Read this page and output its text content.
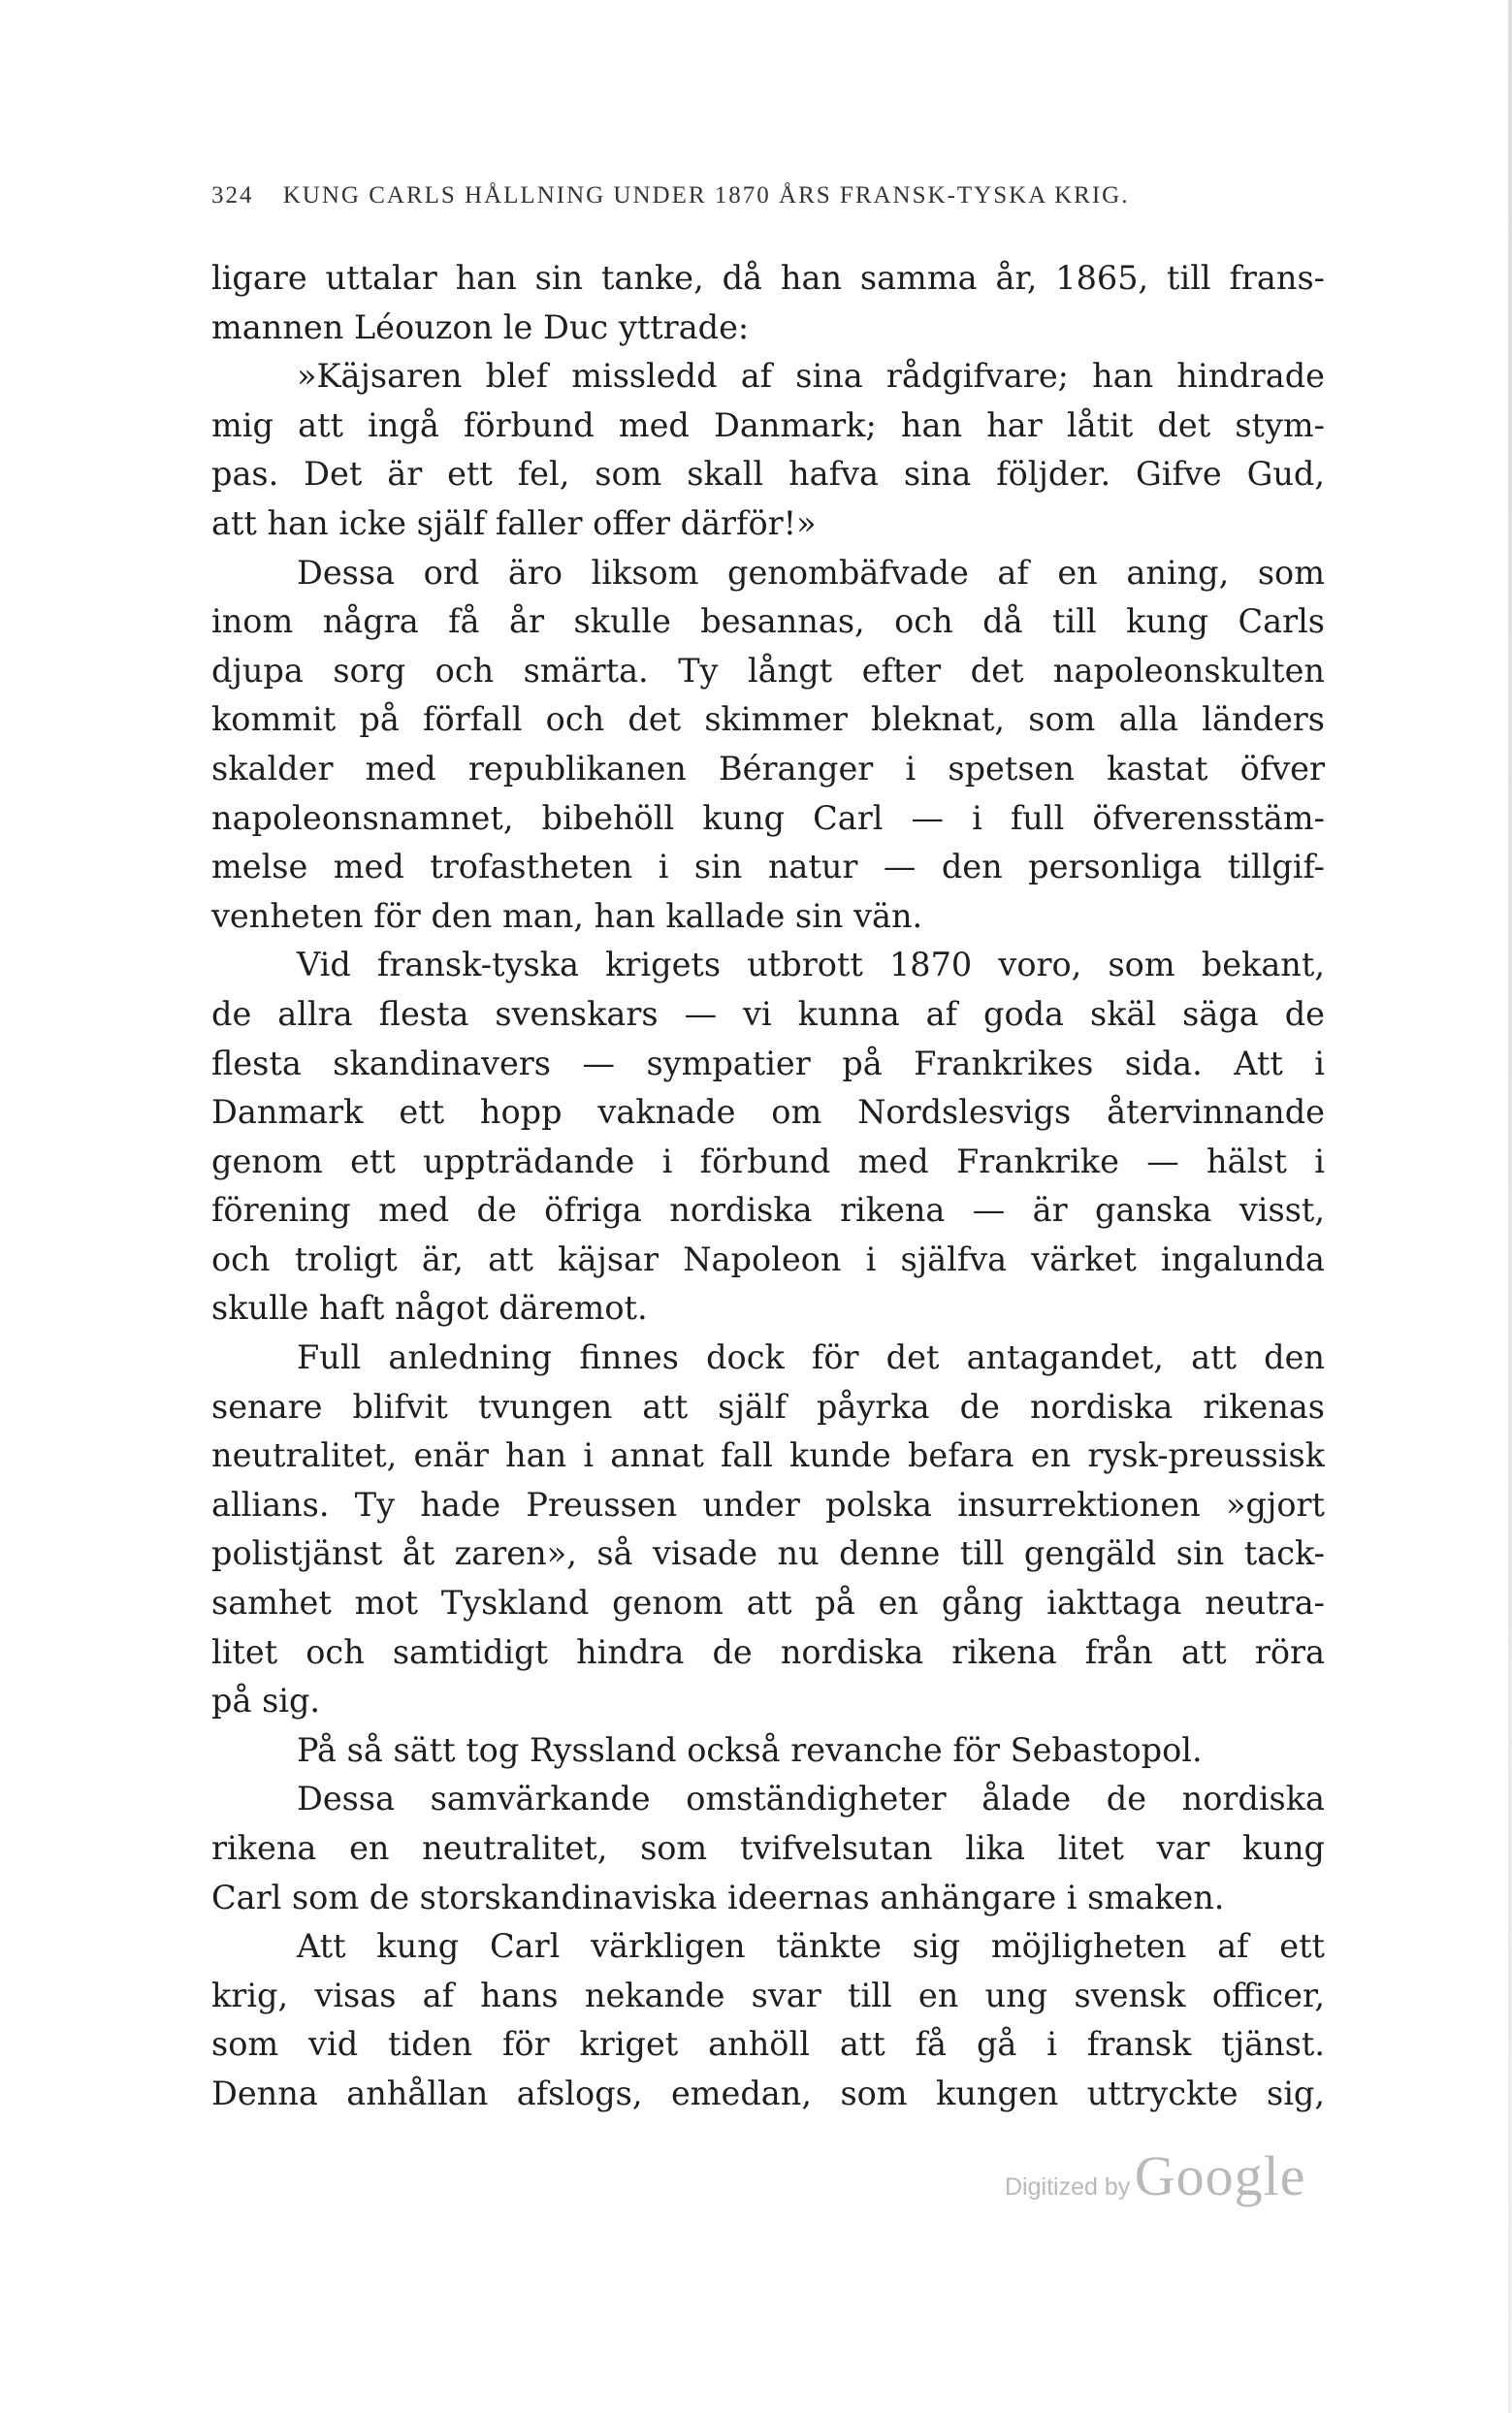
324 KUNG CARLS HÅLLNING UNDER 1870 ÅRS FRANSK-TYSKA KRIG.
ligare uttalar han sin tanke, då han samma år, 1865, till frans-
mannen Léouzon le Duc yttrade:
»Käjsaren blef missledd af sina rådgifvare; han hindrade
mig att ingå förbund med Danmark; han har låtit det stym-
pas. Det är ett fel, som skall hafva sina följder. Gifve Gud,
att han icke själf faller offer därför!»
Dessa ord äro liksom genombäfvade af en aning, som
inom några få år skulle besannas, och då till kung Carls
djupa sorg och smärta. Ty långt efter det napoleonskulten
kommit på förfall och det skimmer bleknat, som alla länders
skalder med republikanen Béranger i spetsen kastat öfver
napoleonsnamnet, bibehöll kung Carl — i full öfverensstäm-
melse med trofastheten i sin natur — den personliga tillgif-
venheten för den man, han kallade sin vän.
Vid fransk-tyska krigets utbrott 1870 voro, som bekant,
de allra flesta svenskars — vi kunna af goda skäl säga de
flesta skandinavers — sympatier på Frankrikes sida. Att i
Danmark ett hopp vaknade om Nordslesvigs återvinnande
genom ett uppträdande i förbund med Frankrike — hälst i
förening med de öfriga nordiska rikena — är ganska visst,
och troligt är, att käjsar Napoleon i själfva värket ingalunda
skulle haft något däremot.
Full anledning finnes dock för det antagandet, att den
senare blifvit tvungen att själf påyrka de nordiska rikenas
neutralitet, enär han i annat fall kunde befara en rysk-preussisk
allians. Ty hade Preussen under polska insurrektionen »gjort
polistjänst åt zaren», så visade nu denne till gengäld sin tack-
samhet mot Tyskland genom att på en gång iakttaga neutra-
litet och samtidigt hindra de nordiska rikena från att röra
på sig.
På så sätt tog Ryssland också revanche för Sebastopol.
Dessa samvärkande omständigheter ålade de nordiska
rikena en neutralitet, som tvifvelsutan lika litet var kung
Carl som de storskandinaviska ideernas anhängare i smaken.
Att kung Carl värkligen tänkte sig möjligheten af ett
krig, visas af hans nekande svar till en ung svensk officer,
som vid tiden för kriget anhöll att få gå i fransk tjänst.
Denna anhållan afslogs, emedan, som kungen uttryckte sig,
Digitized by Google
